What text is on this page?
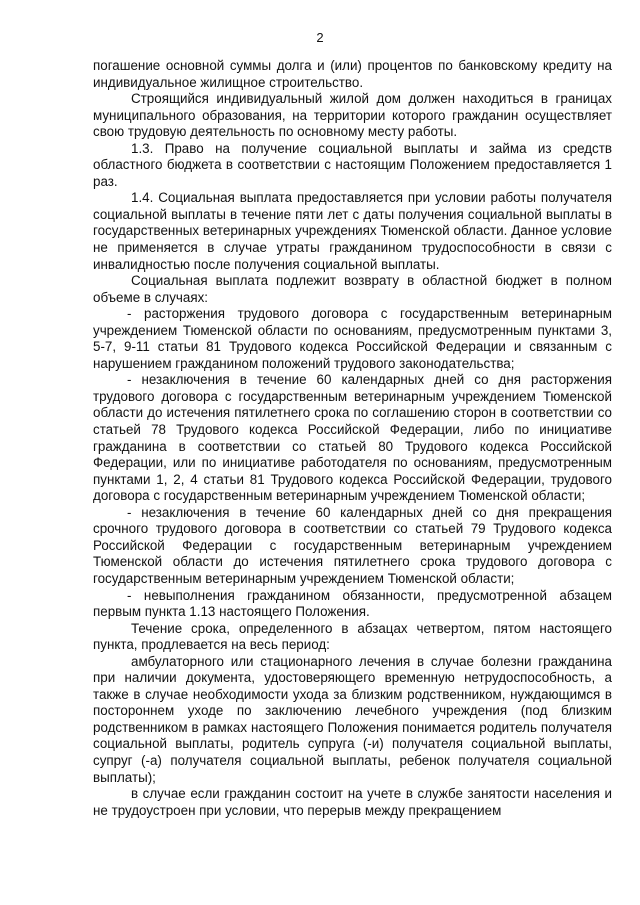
2

погашение основной суммы долга и (или) процентов по банковскому кредиту на индивидуальное жилищное строительство.

Строящийся индивидуальный жилой дом должен находиться в границах муниципального образования, на территории которого гражданин осуществляет свою трудовую деятельность по основному месту работы.

1.3. Право на получение социальной выплаты и займа из средств областного бюджета в соответствии с настоящим Положением предоставляется 1 раз.

1.4. Социальная выплата предоставляется при условии работы получателя социальной выплаты в течение пяти лет с даты получения социальной выплаты в государственных ветеринарных учреждениях Тюменской области. Данное условие не применяется в случае утраты гражданином трудоспособности в связи с инвалидностью после получения социальной выплаты.

Социальная выплата подлежит возврату в областной бюджет в полном объеме в случаях:

- расторжения трудового договора с государственным ветеринарным учреждением Тюменской области по основаниям, предусмотренным пунктами 3, 5-7, 9-11 статьи 81 Трудового кодекса Российской Федерации и связанным с нарушением гражданином положений трудового законодательства;

- незаключения в течение 60 календарных дней со дня расторжения трудового договора с государственным ветеринарным учреждением Тюменской области до истечения пятилетнего срока по соглашению сторон в соответствии со статьей 78 Трудового кодекса Российской Федерации, либо по инициативе гражданина в соответствии со статьей 80 Трудового кодекса Российской Федерации, или по инициативе работодателя по основаниям, предусмотренным пунктами 1, 2, 4 статьи 81 Трудового кодекса Российской Федерации, трудового договора с государственным ветеринарным учреждением Тюменской области;

- незаключения в течение 60 календарных дней со дня прекращения срочного трудового договора в соответствии со статьей 79 Трудового кодекса Российской Федерации с государственным ветеринарным учреждением Тюменской области до истечения пятилетнего срока трудового договора с государственным ветеринарным учреждением Тюменской области;

- невыполнения гражданином обязанности, предусмотренной абзацем первым пункта 1.13 настоящего Положения.

Течение срока, определенного в абзацах четвертом, пятом настоящего пункта, продлевается на весь период:

амбулаторного или стационарного лечения в случае болезни гражданина при наличии документа, удостоверяющего временную нетрудоспособность, а также в случае необходимости ухода за близким родственником, нуждающимся в постороннем уходе по заключению лечебного учреждения (под близким родственником в рамках настоящего Положения понимается родитель получателя социальной выплаты, родитель супруга (-и) получателя социальной выплаты, супруг (-а) получателя социальной выплаты, ребенок получателя социальной выплаты);

в случае если гражданин состоит на учете в службе занятости населения и не трудоустроен при условии, что перерыв между прекращением
